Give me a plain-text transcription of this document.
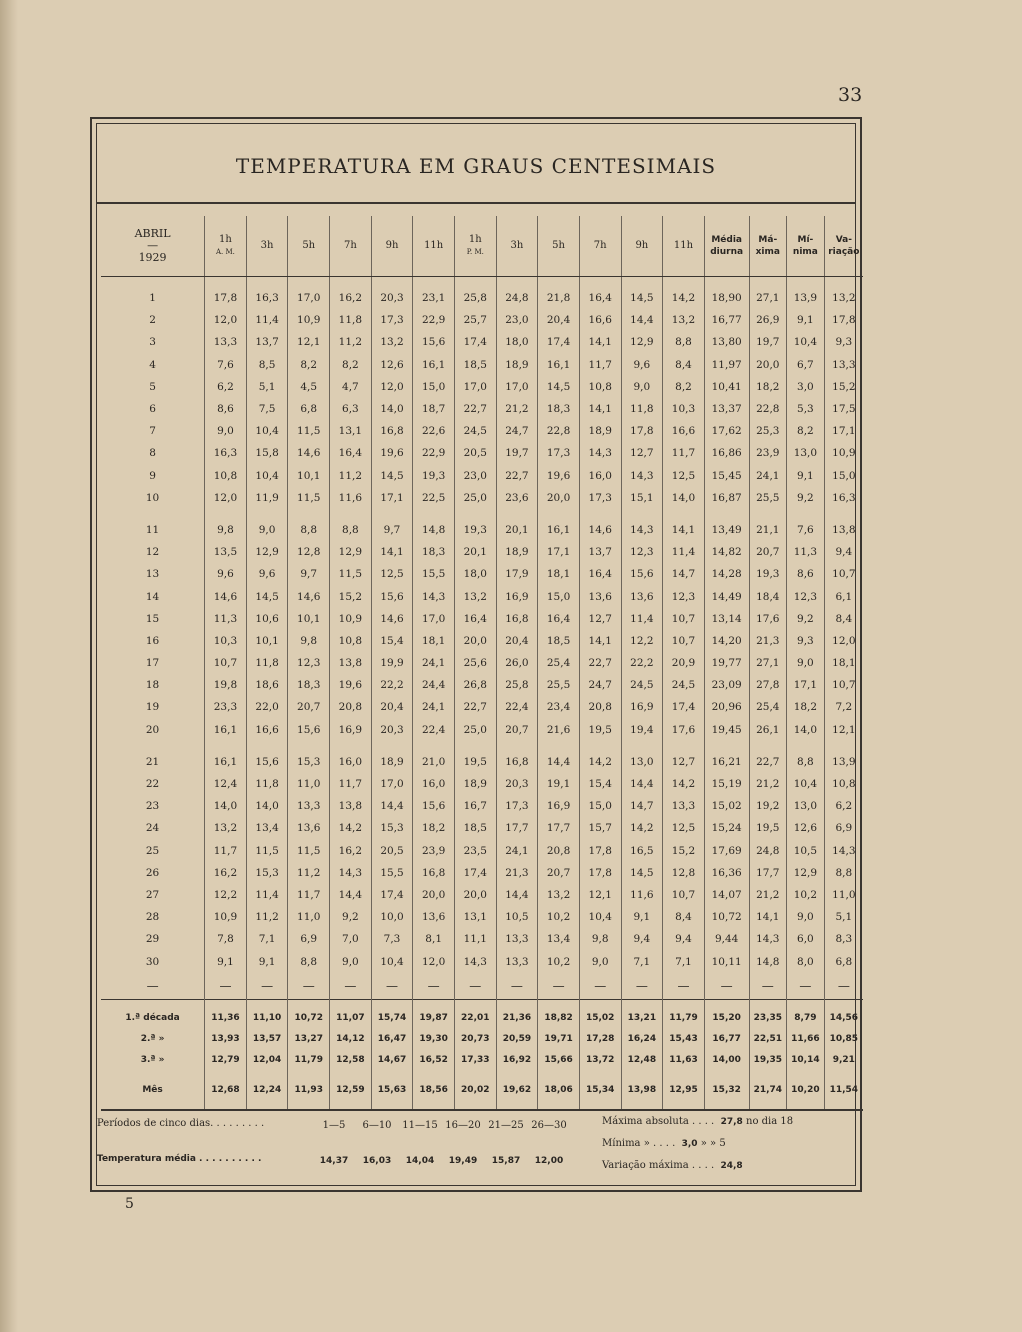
33
TEMPERATURA EM GRAUS CENTESIMAIS
ABRIL
—
1929	1h
A. M.	3h	5h	7h	9h	11h	1h
P. M.	3h	5h	7h	9h	11h	Média
diurna	Má-
xima	Mí-
nima	Va-
riação

1	17,8	16,3	17,0	16,2	20,3	23,1	25,8	24,8	21,8	16,4	14,5	14,2	18,90	27,1	13,9	13,2
2	12,0	11,4	10,9	11,8	17,3	22,9	25,7	23,0	20,4	16,6	14,4	13,2	16,77	26,9	9,1	17,8
3	13,3	13,7	12,1	11,2	13,2	15,6	17,4	18,0	17,4	14,1	12,9	8,8	13,80	19,7	10,4	9,3
4	7,6	8,5	8,2	8,2	12,6	16,1	18,5	18,9	16,1	11,7	9,6	8,4	11,97	20,0	6,7	13,3
5	6,2	5,1	4,5	4,7	12,0	15,0	17,0	17,0	14,5	10,8	9,0	8,2	10,41	18,2	3,0	15,2
6	8,6	7,5	6,8	6,3	14,0	18,7	22,7	21,2	18,3	14,1	11,8	10,3	13,37	22,8	5,3	17,5
7	9,0	10,4	11,5	13,1	16,8	22,6	24,5	24,7	22,8	18,9	17,8	16,6	17,62	25,3	8,2	17,1
8	16,3	15,8	14,6	16,4	19,6	22,9	20,5	19,7	17,3	14,3	12,7	11,7	16,86	23,9	13,0	10,9
9	10,8	10,4	10,1	11,2	14,5	19,3	23,0	22,7	19,6	16,0	14,3	12,5	15,45	24,1	9,1	15,0
10	12,0	11,9	11,5	11,6	17,1	22,5	25,0	23,6	20,0	17,3	15,1	14,0	16,87	25,5	9,2	16,3

11	9,8	9,0	8,8	8,8	9,7	14,8	19,3	20,1	16,1	14,6	14,3	14,1	13,49	21,1	7,6	13,8
12	13,5	12,9	12,8	12,9	14,1	18,3	20,1	18,9	17,1	13,7	12,3	11,4	14,82	20,7	11,3	9,4
13	9,6	9,6	9,7	11,5	12,5	15,5	18,0	17,9	18,1	16,4	15,6	14,7	14,28	19,3	8,6	10,7
14	14,6	14,5	14,6	15,2	15,6	14,3	13,2	16,9	15,0	13,6	13,6	12,3	14,49	18,4	12,3	6,1
15	11,3	10,6	10,1	10,9	14,6	17,0	16,4	16,8	16,4	12,7	11,4	10,7	13,14	17,6	9,2	8,4
16	10,3	10,1	9,8	10,8	15,4	18,1	20,0	20,4	18,5	14,1	12,2	10,7	14,20	21,3	9,3	12,0
17	10,7	11,8	12,3	13,8	19,9	24,1	25,6	26,0	25,4	22,7	22,2	20,9	19,77	27,1	9,0	18,1
18	19,8	18,6	18,3	19,6	22,2	24,4	26,8	25,8	25,5	24,7	24,5	24,5	23,09	27,8	17,1	10,7
19	23,3	22,0	20,7	20,8	20,4	24,1	22,7	22,4	23,4	20,8	16,9	17,4	20,96	25,4	18,2	7,2
20	16,1	16,6	15,6	16,9	20,3	22,4	25,0	20,7	21,6	19,5	19,4	17,6	19,45	26,1	14,0	12,1

21	16,1	15,6	15,3	16,0	18,9	21,0	19,5	16,8	14,4	14,2	13,0	12,7	16,21	22,7	8,8	13,9
22	12,4	11,8	11,0	11,7	17,0	16,0	18,9	20,3	19,1	15,4	14,4	14,2	15,19	21,2	10,4	10,8
23	14,0	14,0	13,3	13,8	14,4	15,6	16,7	17,3	16,9	15,0	14,7	13,3	15,02	19,2	13,0	6,2
24	13,2	13,4	13,6	14,2	15,3	18,2	18,5	17,7	17,7	15,7	14,2	12,5	15,24	19,5	12,6	6,9
25	11,7	11,5	11,5	16,2	20,5	23,9	23,5	24,1	20,8	17,8	16,5	15,2	17,69	24,8	10,5	14,3
26	16,2	15,3	11,2	14,3	15,5	16,8	17,4	21,3	20,7	17,8	14,5	12,8	16,36	17,7	12,9	8,8
27	12,2	11,4	11,7	14,4	17,4	20,0	20,0	14,4	13,2	12,1	11,6	10,7	14,07	21,2	10,2	11,0
28	10,9	11,2	11,0	9,2	10,0	13,6	13,1	10,5	10,2	10,4	9,1	8,4	10,72	14,1	9,0	5,1
29	7,8	7,1	6,9	7,0	7,3	8,1	11,1	13,3	13,4	9,8	9,4	9,4	9,44	14,3	6,0	8,3
30	9,1	9,1	8,8	9,0	10,4	12,0	14,3	13,3	10,2	9,0	7,1	7,1	10,11	14,8	8,0	6,8
—	—	—	—	—	—	—	—	—	—	—	—	—	—	—	—	—

1.ª década	11,36	11,10	10,72	11,07	15,74	19,87	22,01	21,36	18,82	15,02	13,21	11,79	15,20	23,35	8,79	14,56
2.ª »	13,93	13,57	13,27	14,12	16,47	19,30	20,73	20,59	19,71	17,28	16,24	15,43	16,77	22,51	11,66	10,85
3.ª »	12,79	12,04	11,79	12,58	14,67	16,52	17,33	16,92	15,66	13,72	12,48	11,63	14,00	19,35	10,14	9,21
Mês	12,68	12,24	11,93	12,59	15,63	18,56	20,02	19,62	18,06	15,34	13,98	12,95	15,32	21,74	10,20	11,54

Períodos de cinco dias. . . . . . . . .
Temperatura média . . . . . . . . . .
1—5	6—10	11—15 16—20 21—25 26—30
14,37	16,03	14,04	19,49	15,87	12,00
Máxima absoluta . . . . 27,8 no dia 18
Mínima » . . . . 3,0 » » 5
Variação máxima . . . . 24,8
5
